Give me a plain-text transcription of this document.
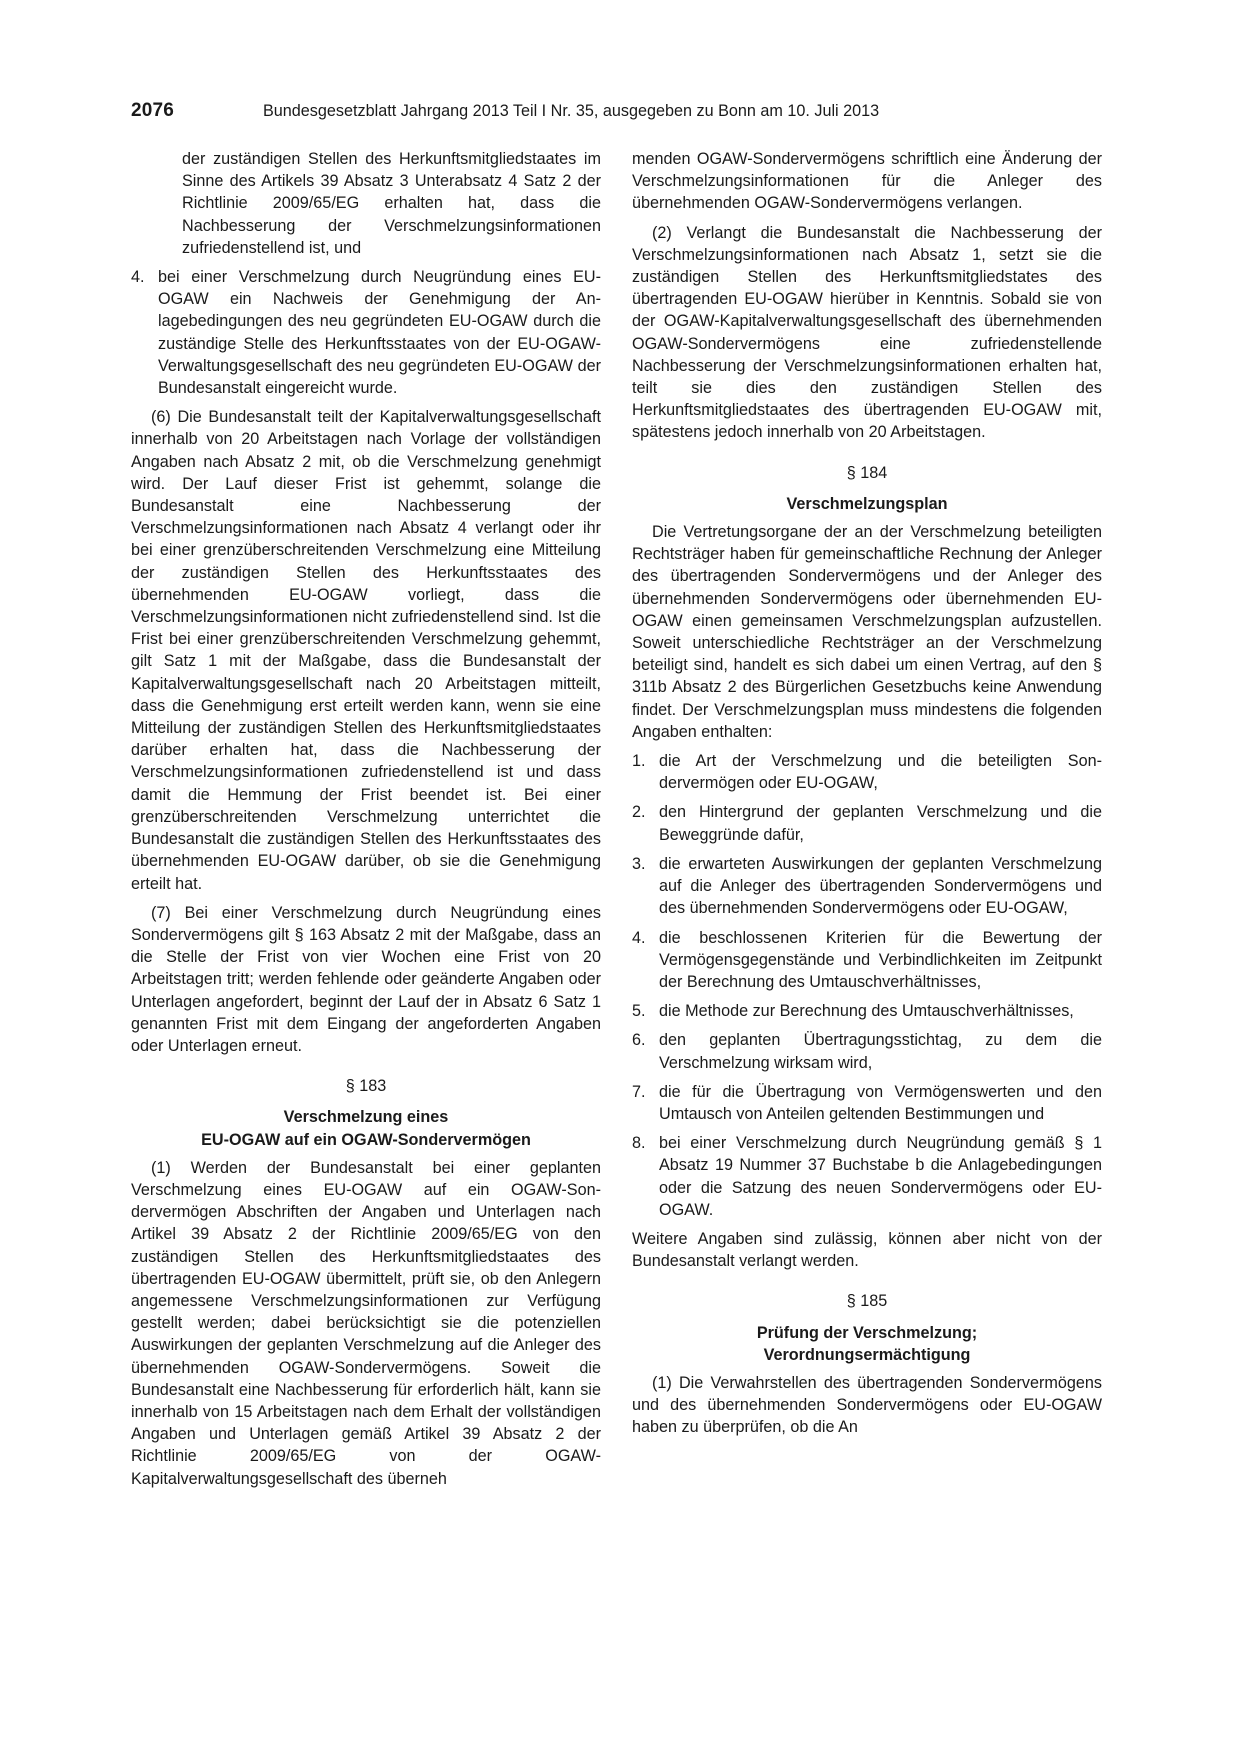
2076	Bundesgesetzblatt Jahrgang 2013 Teil I Nr. 35, ausgegeben zu Bonn am 10. Juli 2013

der zuständigen Stellen des Herkunftsmitgliedstaates im Sinne des Artikels 39 Absatz 3 Unterabsatz 4 Satz 2 der Richtlinie 2009/65/EG erhalten hat, dass die Nachbesserung der Verschmelzungsinformationen zufriedenstellend ist, und

4. bei einer Verschmelzung durch Neugründung eines EU-OGAW ein Nachweis der Genehmigung der Anlagebedingungen des neu gegründeten EU-OGAW durch die zuständige Stelle des Herkunftsstaates von der EU-OGAW-Verwaltungsgesellschaft des neu gegründeten EU-OGAW der Bundesanstalt eingereicht wurde.

(6) Die Bundesanstalt teilt der Kapitalverwaltungsgesellschaft innerhalb von 20 Arbeitstagen nach Vorlage der vollständigen Angaben nach Absatz 2 mit, ob die Verschmelzung genehmigt wird. Der Lauf dieser Frist ist gehemmt, solange die Bundesanstalt eine Nachbesserung der Verschmelzungsinformationen nach Absatz 4 verlangt oder ihr bei einer grenzüberschreitenden Verschmelzung eine Mitteilung der zuständigen Stellen des Herkunftsstaates des übernehmenden EU-OGAW vorliegt, dass die Verschmelzungsinformationen nicht zufriedenstellend sind. Ist die Frist bei einer grenzüberschreitenden Verschmelzung gehemmt, gilt Satz 1 mit der Maßgabe, dass die Bundesanstalt der Kapitalverwaltungsgesellschaft nach 20 Arbeitstagen mitteilt, dass die Genehmigung erst erteilt werden kann, wenn sie eine Mitteilung der zuständigen Stellen des Herkunftsmitgliedstaates darüber erhalten hat, dass die Nachbesserung der Verschmelzungsinformationen zufriedenstellend ist und dass damit die Hemmung der Frist beendet ist. Bei einer grenzüberschreitenden Verschmelzung unterrichtet die Bundesanstalt die zuständigen Stellen des Herkunftsstaates des übernehmenden EU-OGAW darüber, ob sie die Genehmigung erteilt hat.

(7) Bei einer Verschmelzung durch Neugründung eines Sondervermögens gilt § 163 Absatz 2 mit der Maßgabe, dass an die Stelle der Frist von vier Wochen eine Frist von 20 Arbeitstagen tritt; werden fehlende oder geänderte Angaben oder Unterlagen angefordert, beginnt der Lauf der in Absatz 6 Satz 1 genannten Frist mit dem Eingang der angeforderten Angaben oder Unterlagen erneut.

§ 183
Verschmelzung eines
EU-OGAW auf ein OGAW-Sondervermögen

(1) Werden der Bundesanstalt bei einer geplanten Verschmelzung eines EU-OGAW auf ein OGAW-Sondervermögen Abschriften der Angaben und Unterlagen nach Artikel 39 Absatz 2 der Richtlinie 2009/65/EG von den zuständigen Stellen des Herkunftsmitgliedstaates des übertragenden EU-OGAW übermittelt, prüft sie, ob den Anlegern angemessene Verschmelzungsinformationen zur Verfügung gestellt werden; dabei berücksichtigt sie die potenziellen Auswirkungen der geplanten Verschmelzung auf die Anleger des übernehmenden OGAW-Sondervermögens. Soweit die Bundesanstalt eine Nachbesserung für erforderlich hält, kann sie innerhalb von 15 Arbeitstagen nach dem Erhalt der vollständigen Angaben und Unterlagen gemäß Artikel 39 Absatz 2 der Richtlinie 2009/65/EG von der OGAW-Kapitalverwaltungsgesellschaft des überneh

menden OGAW-Sondervermögens schriftlich eine Änderung der Verschmelzungsinformationen für die Anleger des übernehmenden OGAW-Sondervermögens verlangen.

(2) Verlangt die Bundesanstalt die Nachbesserung der Verschmelzungsinformationen nach Absatz 1, setzt sie die zuständigen Stellen des Herkunftsmitgliedstates des übertragenden EU-OGAW hierüber in Kenntnis. Sobald sie von der OGAW-Kapitalverwaltungsgesellschaft des übernehmenden OGAW-Sondervermögens eine zufriedenstellende Nachbesserung der Verschmelzungsinformationen erhalten hat, teilt sie dies den zuständigen Stellen des Herkunftsmitgliedstaates des übertragenden EU-OGAW mit, spätestens jedoch innerhalb von 20 Arbeitstagen.

§ 184
Verschmelzungsplan

Die Vertretungsorgane der an der Verschmelzung beteiligten Rechtsträger haben für gemeinschaftliche Rechnung der Anleger des übertragenden Sondervermögens und der Anleger des übernehmenden Sondervermögens oder übernehmenden EU-OGAW einen gemeinsamen Verschmelzungsplan aufzustellen. Soweit unterschiedliche Rechtsträger an der Verschmelzung beteiligt sind, handelt es sich dabei um einen Vertrag, auf den § 311b Absatz 2 des Bürgerlichen Gesetzbuchs keine Anwendung findet. Der Verschmelzungsplan muss mindestens die folgenden Angaben enthalten:

1. die Art der Verschmelzung und die beteiligten Sondervermögen oder EU-OGAW,

2. den Hintergrund der geplanten Verschmelzung und die Beweggründe dafür,

3. die erwarteten Auswirkungen der geplanten Verschmelzung auf die Anleger des übertragenden Sondervermögens und des übernehmenden Sondervermögens oder EU-OGAW,

4. die beschlossenen Kriterien für die Bewertung der Vermögensgegenstände und Verbindlichkeiten im Zeitpunkt der Berechnung des Umtauschverhältnisses,

5. die Methode zur Berechnung des Umtauschverhältnisses,

6. den geplanten Übertragungsstichtag, zu dem die Verschmelzung wirksam wird,

7. die für die Übertragung von Vermögenswerten und den Umtausch von Anteilen geltenden Bestimmungen und

8. bei einer Verschmelzung durch Neugründung gemäß § 1 Absatz 19 Nummer 37 Buchstabe b die Anlagebedingungen oder die Satzung des neuen Sondervermögens oder EU-OGAW.

Weitere Angaben sind zulässig, können aber nicht von der Bundesanstalt verlangt werden.

§ 185
Prüfung der Verschmelzung;
Verordnungsermächtigung

(1) Die Verwahrstellen des übertragenden Sondervermögens und des übernehmenden Sondervermögens oder EU-OGAW haben zu überprüfen, ob die An
